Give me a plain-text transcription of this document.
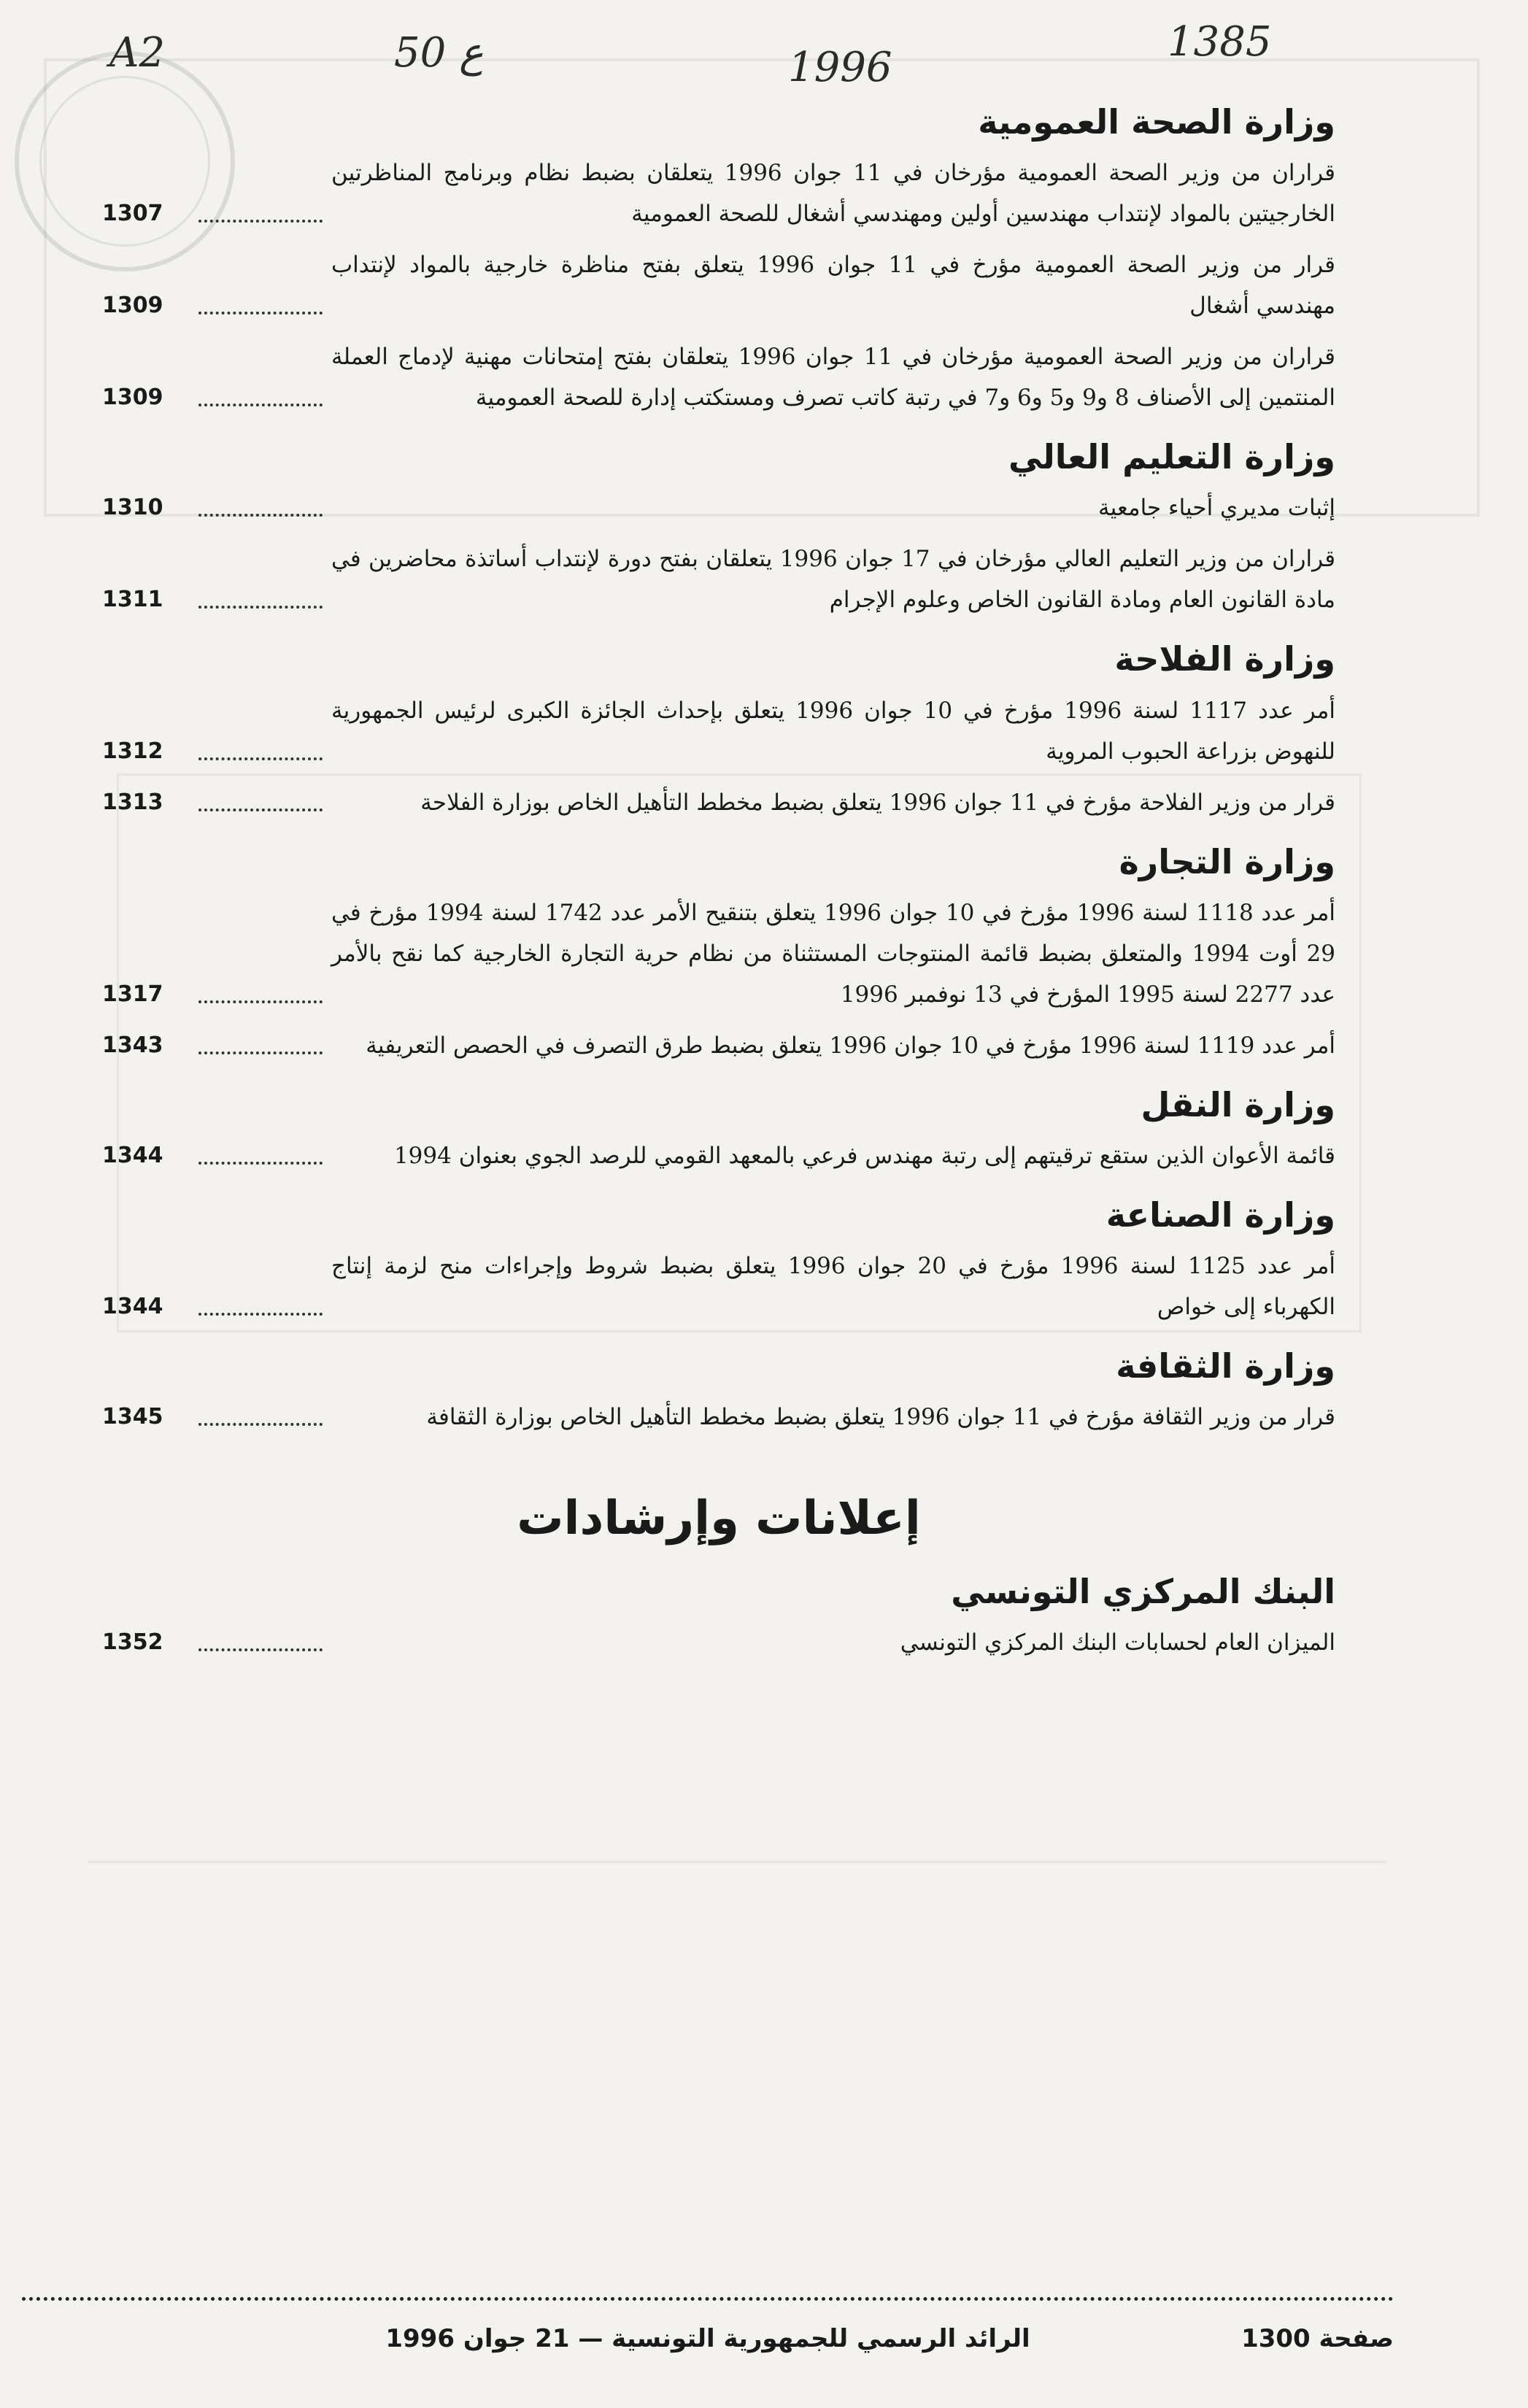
A2	50 ع	1996
1385
وزارة الصحة العمومية
قراران من وزير الصحة العمومية مؤرخان في 11 جوان 1996 يتعلقان بضبط نظام وبرنامج المناظرتين الخارجيتين بالمواد لإنتداب مهندسين أولين ومهندسي أشغال للصحة العمومية
1307
قرار من وزير الصحة العمومية مؤرخ في 11 جوان 1996 يتعلق بفتح مناظرة خارجية بالمواد لإنتداب مهندسي أشغال
1309
قراران من وزير الصحة العمومية مؤرخان في 11 جوان 1996 يتعلقان بفتح إمتحانات مهنية لإدماج العملة المنتمين إلى الأصناف 8 و9 و5 و6 و7 في رتبة كاتب تصرف ومستكتب إدارة للصحة العمومية
1309
وزارة التعليم العالي
إثبات مديري أحياء جامعية
1310
قراران من وزير التعليم العالي مؤرخان في 17 جوان 1996 يتعلقان بفتح دورة لإنتداب أساتذة محاضرين في مادة القانون العام ومادة القانون الخاص وعلوم الإجرام
1311
وزارة الفلاحة
أمر عدد 1117 لسنة 1996 مؤرخ في 10 جوان 1996 يتعلق بإحداث الجائزة الكبرى لرئيس الجمهورية للنهوض بزراعة الحبوب المروية
1312
قرار من وزير الفلاحة مؤرخ في 11 جوان 1996 يتعلق بضبط مخطط التأهيل الخاص بوزارة الفلاحة
1313
وزارة التجارة
أمر عدد 1118 لسنة 1996 مؤرخ في 10 جوان 1996 يتعلق بتنقيح الأمر عدد 1742 لسنة 1994 مؤرخ في 29 أوت 1994 والمتعلق بضبط قائمة المنتوجات المستثناة من نظام حرية التجارة الخارجية كما نقح بالأمر عدد 2277 لسنة 1995 المؤرخ في 13 نوفمبر 1996
1317
أمر عدد 1119 لسنة 1996 مؤرخ في 10 جوان 1996 يتعلق بضبط طرق التصرف في الحصص التعريفية
1343
وزارة النقل
قائمة الأعوان الذين ستقع ترقيتهم إلى رتبة مهندس فرعي بالمعهد القومي للرصد الجوي بعنوان 1994
1344
وزارة الصناعة
أمر عدد 1125 لسنة 1996 مؤرخ في 20 جوان 1996 يتعلق بضبط شروط وإجراءات منح لزمة إنتاج الكهرباء إلى خواص
1344
وزارة الثقافة
قرار من وزير الثقافة مؤرخ في 11 جوان 1996 يتعلق بضبط مخطط التأهيل الخاص بوزارة الثقافة
1345
إعلانات وإرشادات
البنك المركزي التونسي
الميزان العام لحسابات البنك المركزي التونسي
1352
صفحة 1300
الرائد الرسمي للجمهورية التونسية — 21 جوان 1996
